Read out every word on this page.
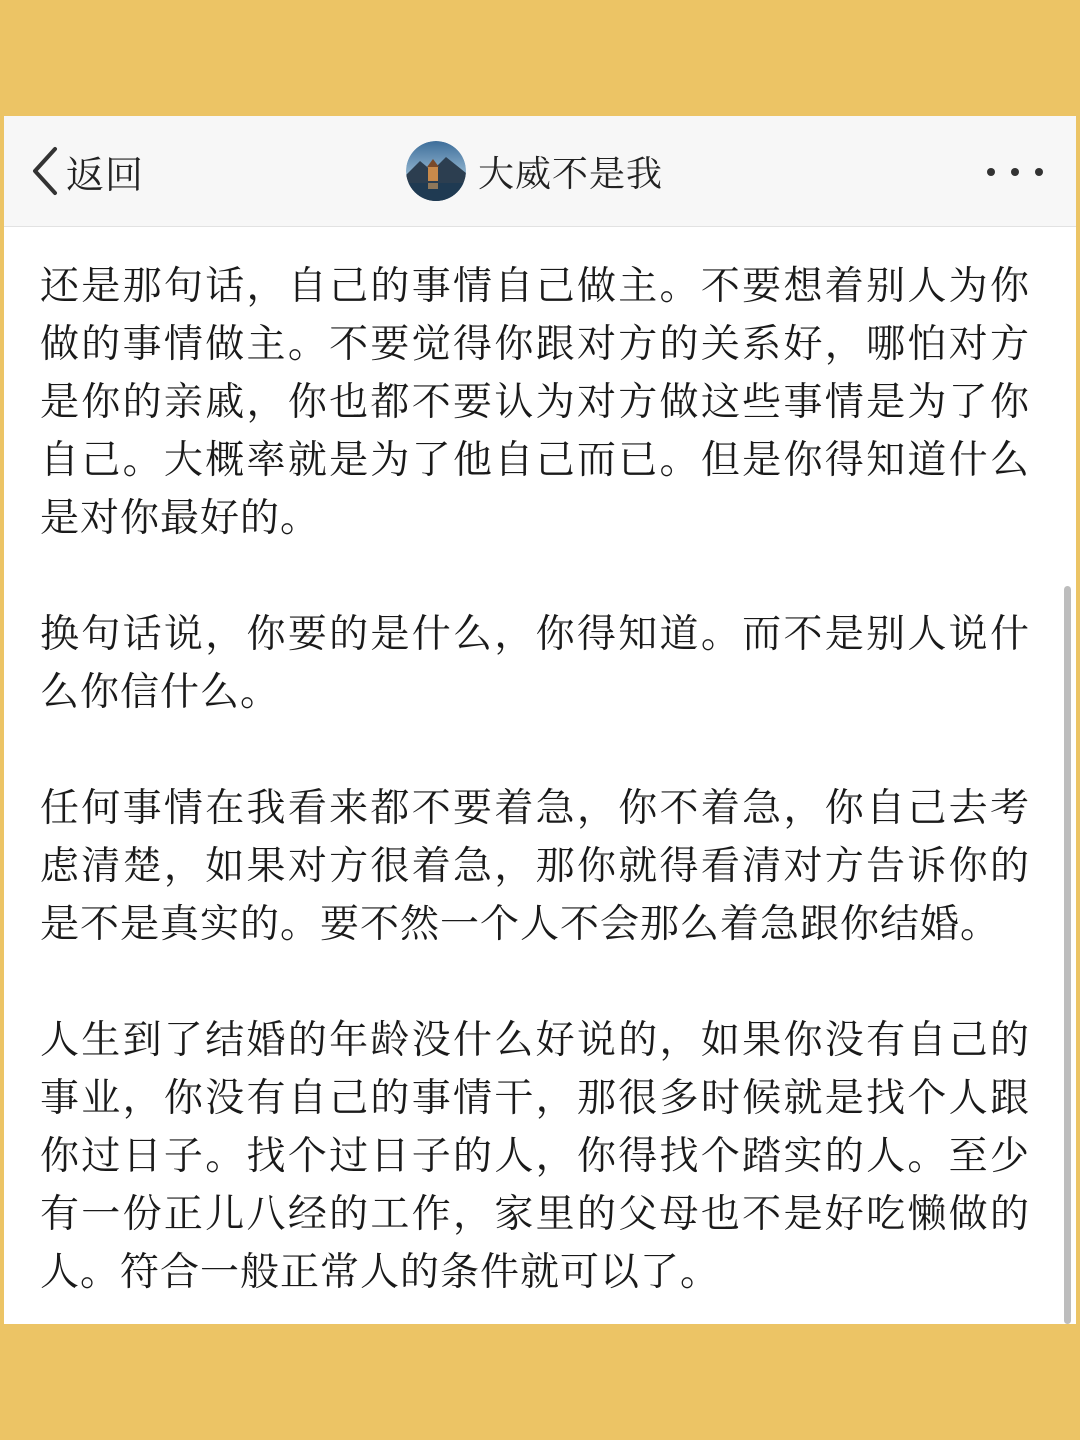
返回	大威不是我

还是那句话，自己的事情自己做主。不要想着别人为你做的事情做主。不要觉得你跟对方的关系好，哪怕对方是你的亲戚，你也都不要认为对方做这些事情是为了你自己。大概率就是为了他自己而已。但是你得知道什么是对你最好的。

换句话说，你要的是什么，你得知道。而不是别人说什么你信什么。

任何事情在我看来都不要着急，你不着急，你自己去考虑清楚，如果对方很着急，那你就得看清对方告诉你的是不是真实的。要不然一个人不会那么着急跟你结婚。

人生到了结婚的年龄没什么好说的，如果你没有自己的事业，你没有自己的事情干，那很多时候就是找个人跟你过日子。找个过日子的人，你得找个踏实的人。至少有一份正儿八经的工作，家里的父母也不是好吃懒做的人。符合一般正常人的条件就可以了。
